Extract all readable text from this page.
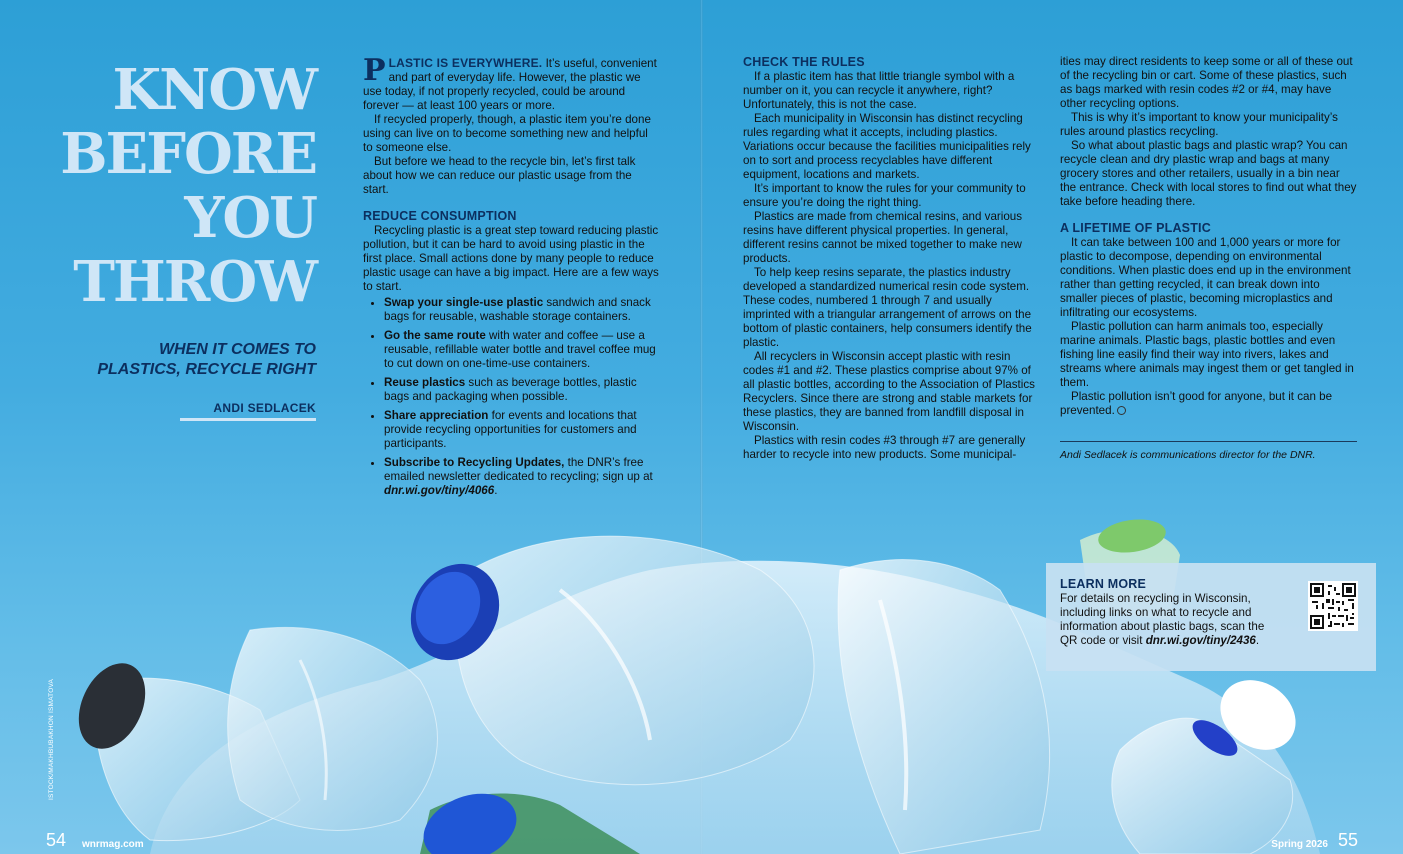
KNOW
BEFORE
YOU
THROW
WHEN IT COMES TO
PLASTICS, RECYCLE RIGHT
ANDI SEDLACEK

PLASTIC IS EVERYWHERE. It’s useful, convenient and part of everyday life. However, the plastic we use today, if not properly recycled, could be around forever — at least 100 years or more.

If recycled properly, though, a plastic item you’re done using can live on to become something new and helpful to someone else.

But before we head to the recycle bin, let’s first talk about how we can reduce our plastic usage from the start.

REDUCE CONSUMPTION

Recycling plastic is a great step toward reducing plastic pollution, but it can be hard to avoid using plastic in the first place. Small actions done by many people to reduce plastic usage can have a big impact. Here are a few ways to start.

• Swap your single-use plastic sandwich and snack bags for reusable, washable storage containers.
• Go the same route with water and coffee — use a reusable, refillable water bottle and travel coffee mug to cut down on one-time-use containers.
• Reuse plastics such as beverage bottles, plastic bags and packaging when possible.
• Share appreciation for events and locations that provide recycling opportunities for customers and participants.
• Subscribe to Recycling Updates, the DNR’s free emailed newsletter dedicated to recycling; sign up at dnr.wi.gov/tiny/4066.
CHECK THE RULES

If a plastic item has that little triangle symbol with a number on it, you can recycle it anywhere, right? Unfortunately, this is not the case.

Each municipality in Wisconsin has distinct recycling rules regarding what it accepts, including plastics. Variations occur because the facilities municipalities rely on to sort and process recyclables have different equipment, locations and markets.

It’s important to know the rules for your community to ensure you’re doing the right thing.

Plastics are made from chemical resins, and various resins have different physical properties. In general, different resins cannot be mixed together to make new products.

To help keep resins separate, the plastics industry developed a standardized numerical resin code system. These codes, numbered 1 through 7 and usually imprinted with a triangular arrangement of arrows on the bottom of plastic containers, help consumers identify the plastic.

All recyclers in Wisconsin accept plastic with resin codes #1 and #2. These plastics comprise about 97% of all plastic bottles, according to the Association of Plastics Recyclers. Since there are strong and stable markets for these plastics, they are banned from landfill disposal in Wisconsin.

Plastics with resin codes #3 through #7 are generally harder to recycle into new products. Some municipal-

ities may direct residents to keep some or all of these out of the recycling bin or cart. Some of these plastics, such as bags marked with resin codes #2 or #4, may have other recycling options.

This is why it’s important to know your municipality’s rules around plastics recycling.

So what about plastic bags and plastic wrap? You can recycle clean and dry plastic wrap and bags at many grocery stores and other retailers, usually in a bin near the entrance. Check with local stores to find out what they take before heading there.

A LIFETIME OF PLASTIC

It can take between 100 and 1,000 years or more for plastic to decompose, depending on environmental conditions. When plastic does end up in the environment rather than getting recycled, it can break down into smaller pieces of plastic, becoming microplastics and infiltrating our ecosystems.

Plastic pollution can harm animals too, especially marine animals. Plastic bags, plastic bottles and even fishing line easily find their way into rivers, lakes and streams where animals may ingest them or get tangled in them.

Plastic pollution isn’t good for anyone, but it can be prevented.

Andi Sedlacek is communications director for the DNR.
LEARN MORE

For details on recycling in Wisconsin, including links on what to recycle and information about plastic bags, scan the QR code or visit dnr.wi.gov/tiny/2436.

54 wnrmag.com	Spring 2026 55
ISTOCK/MAKHBUBAKHON ISMATOVA
